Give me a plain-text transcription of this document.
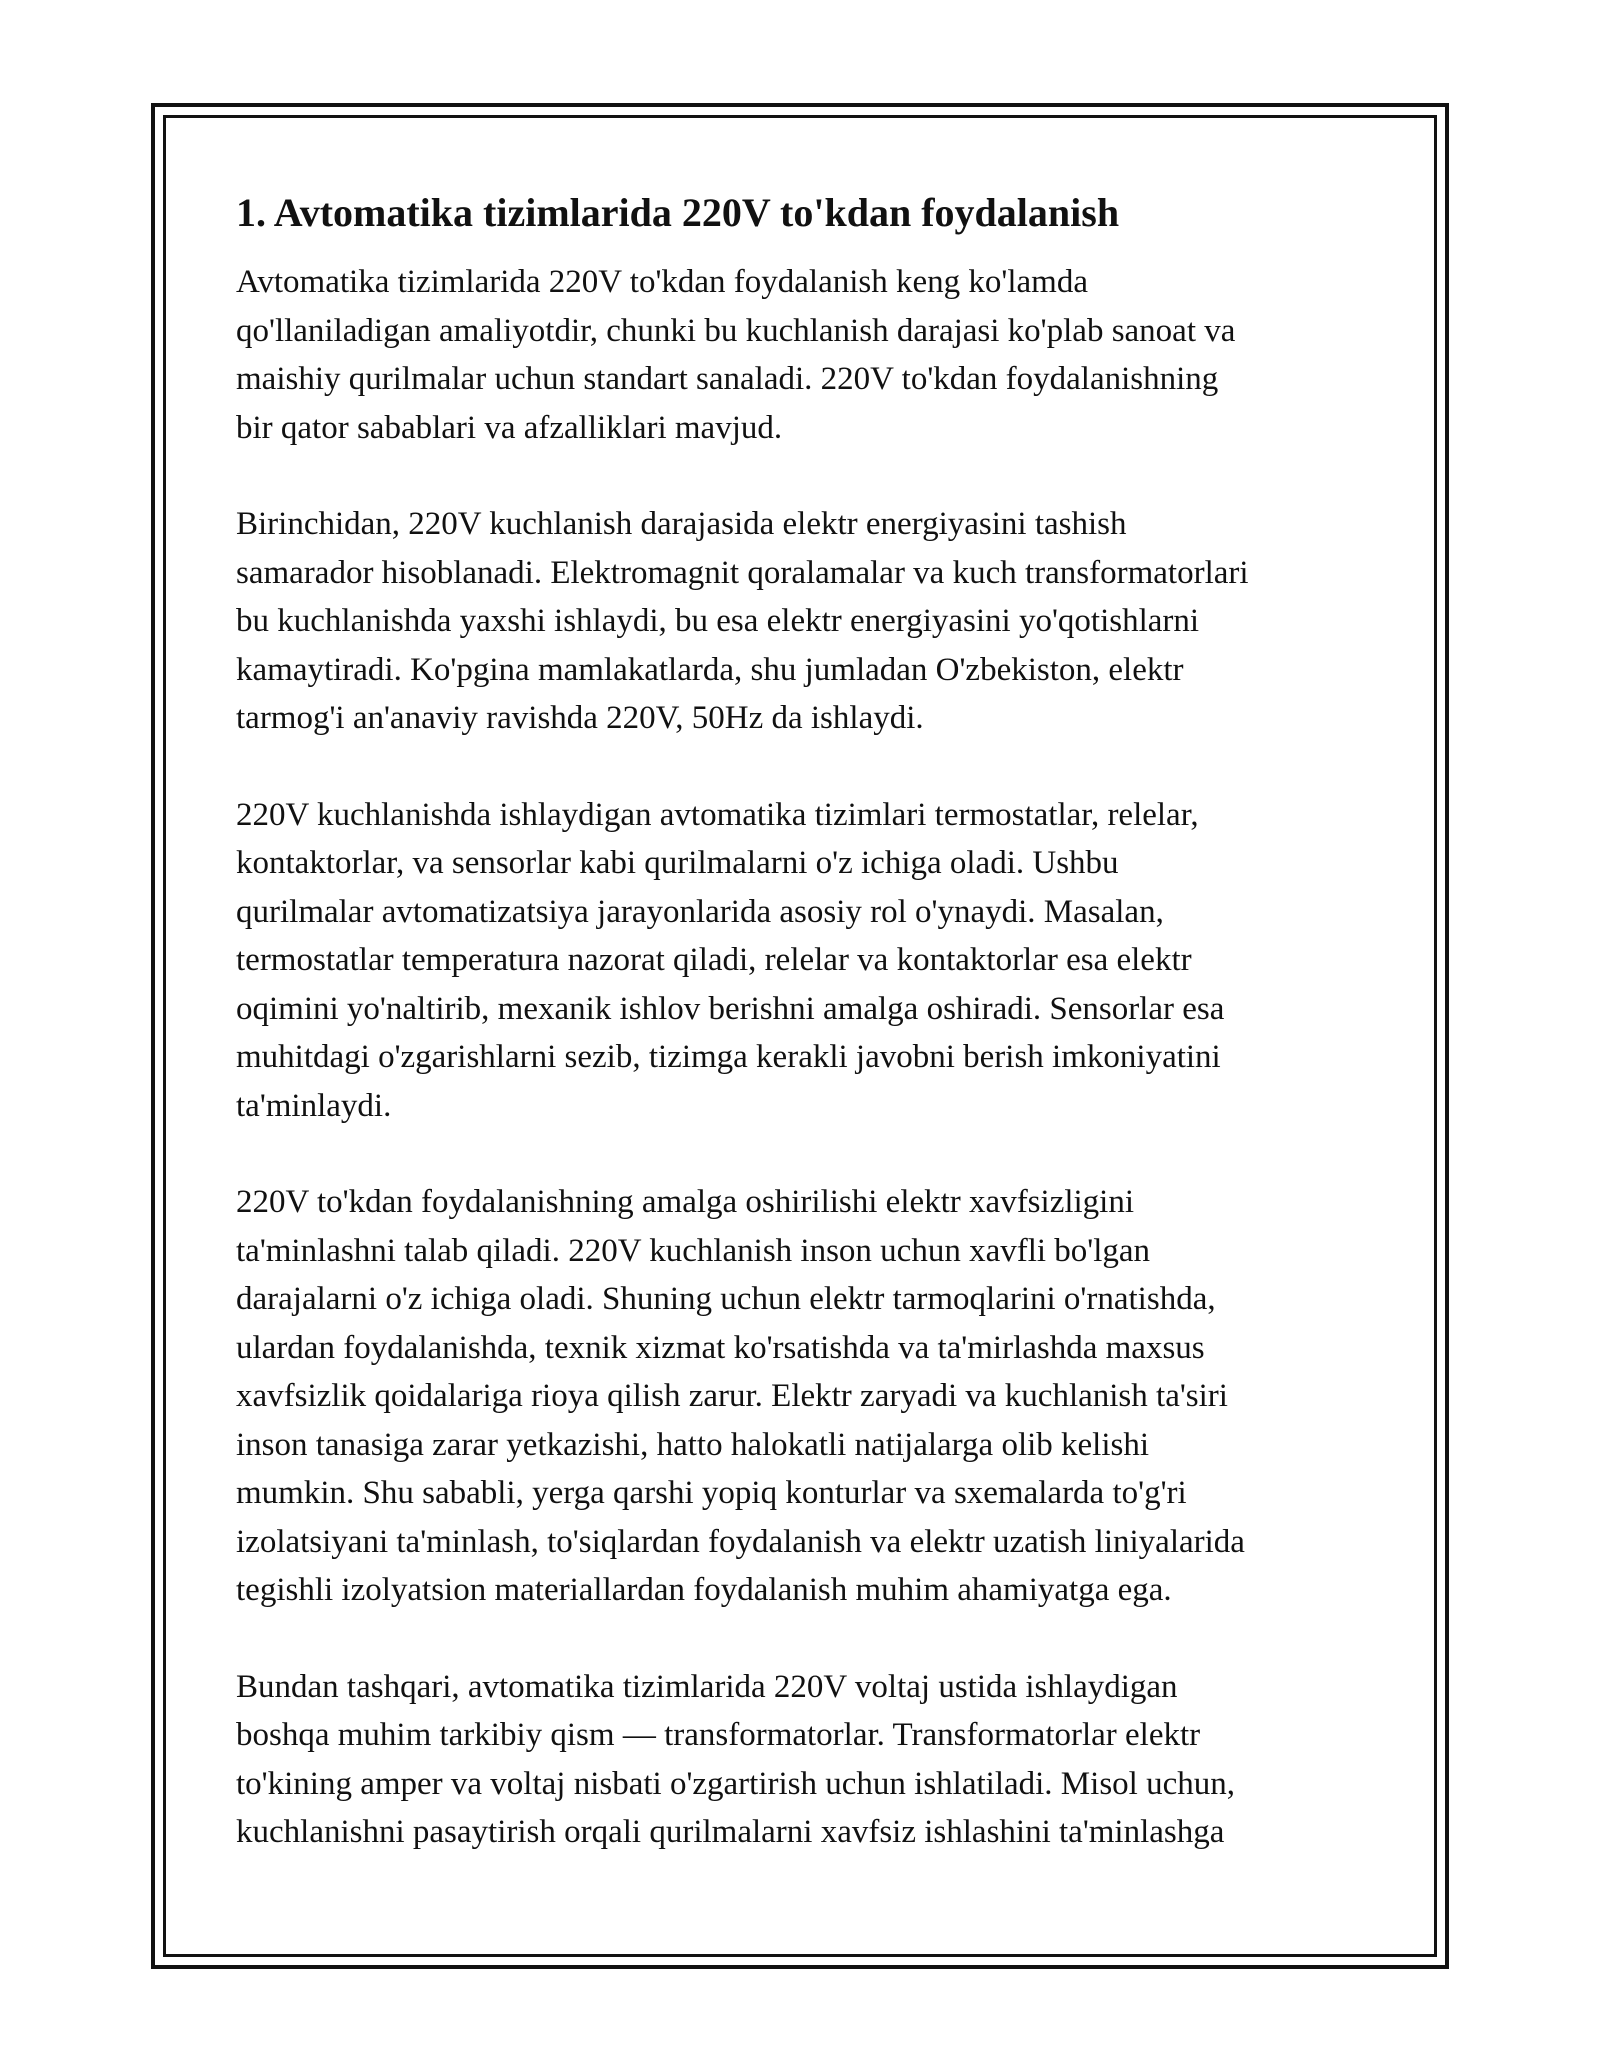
1. Avtomatika tizimlarida 220V to'kdan foydalanish

Avtomatika tizimlarida 220V to'kdan foydalanish keng ko'lamda
qo'llaniladigan amaliyotdir, chunki bu kuchlanish darajasi ko'plab sanoat va
maishiy qurilmalar uchun standart sanaladi. 220V to'kdan foydalanishning
bir qator sabablari va afzalliklari mavjud.

Birinchidan, 220V kuchlanish darajasida elektr energiyasini tashish
samarador hisoblanadi. Elektromagnit qoralamalar va kuch transformatorlari
bu kuchlanishda yaxshi ishlaydi, bu esa elektr energiyasini yo'qotishlarni
kamaytiradi. Ko'pgina mamlakatlarda, shu jumladan O'zbekiston, elektr
tarmog'i an'anaviy ravishda 220V, 50Hz da ishlaydi.

220V kuchlanishda ishlaydigan avtomatika tizimlari termostatlar, relelar,
kontaktorlar, va sensorlar kabi qurilmalarni o'z ichiga oladi. Ushbu
qurilmalar avtomatizatsiya jarayonlarida asosiy rol o'ynaydi. Masalan,
termostatlar temperatura nazorat qiladi, relelar va kontaktorlar esa elektr
oqimini yo'naltirib, mexanik ishlov berishni amalga oshiradi. Sensorlar esa
muhitdagi o'zgarishlarni sezib, tizimga kerakli javobni berish imkoniyatini
ta'minlaydi.

220V to'kdan foydalanishning amalga oshirilishi elektr xavfsizligini
ta'minlashni talab qiladi. 220V kuchlanish inson uchun xavfli bo'lgan
darajalarni o'z ichiga oladi. Shuning uchun elektr tarmoqlarini o'rnatishda,
ulardan foydalanishda, texnik xizmat ko'rsatishda va ta'mirlashda maxsus
xavfsizlik qoidalariga rioya qilish zarur. Elektr zaryadi va kuchlanish ta'siri
inson tanasiga zarar yetkazishi, hatto halokatli natijalarga olib kelishi
mumkin. Shu sababli, yerga qarshi yopiq konturlar va sxemalarda to'g'ri
izolatsiyani ta'minlash, to'siqlardan foydalanish va elektr uzatish liniyalarida
tegishli izolyatsion materiallardan foydalanish muhim ahamiyatga ega.

Bundan tashqari, avtomatika tizimlarida 220V voltaj ustida ishlaydigan
boshqa muhim tarkibiy qism — transformatorlar. Transformatorlar elektr
to'kining amper va voltaj nisbati o'zgartirish uchun ishlatiladi. Misol uchun,
kuchlanishni pasaytirish orqali qurilmalarni xavfsiz ishlashini ta'minlashga
